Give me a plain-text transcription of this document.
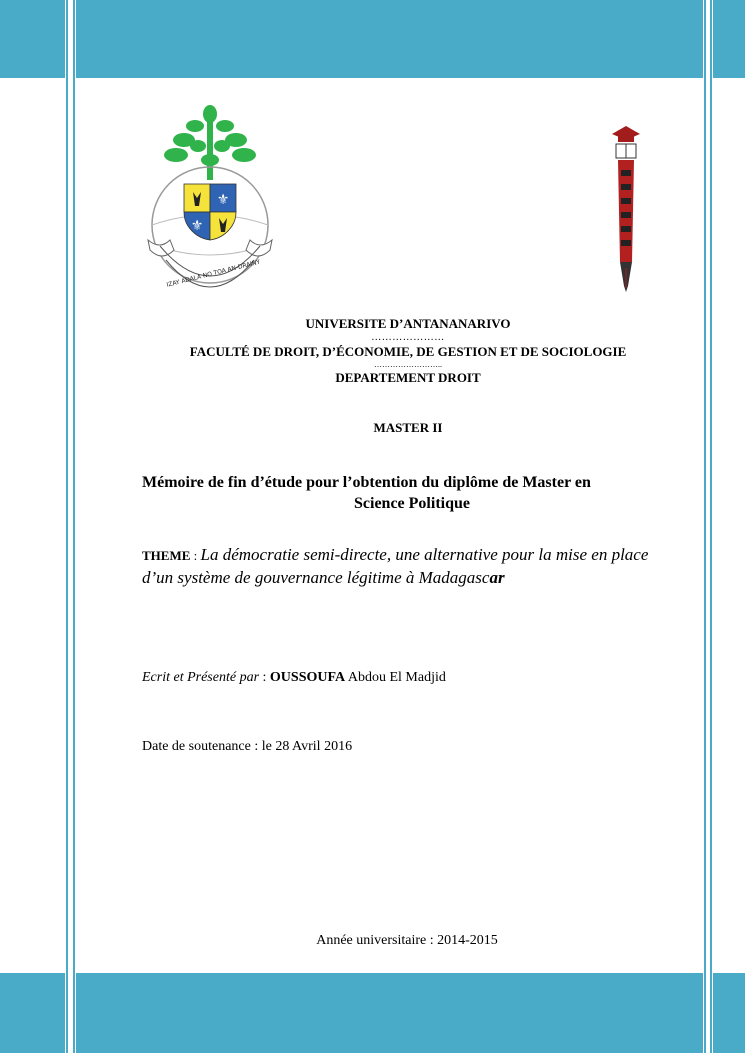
⚜
⚜
IZAY ADALA NO TOA AN-DRAINY
UNIVERSITE D’ANTANANARIVO
…………………
FACULTÉ DE DROIT, D’ÉCONOMIE, DE GESTION ET DE SOCIOLOGIE
……………………..
DEPARTEMENT DROIT
MASTER II
Mémoire de fin d’étude pour l’obtention du diplôme de Master en
Science Politique
THEME : La démocratie semi-directe, une alternative pour la mise en place d’un système de gouvernance légitime à Madagascar
Ecrit et Présenté par : OUSSOUFA Abdou El Madjid
Date de soutenance : le 28 Avril 2016
Année universitaire : 2014-2015
